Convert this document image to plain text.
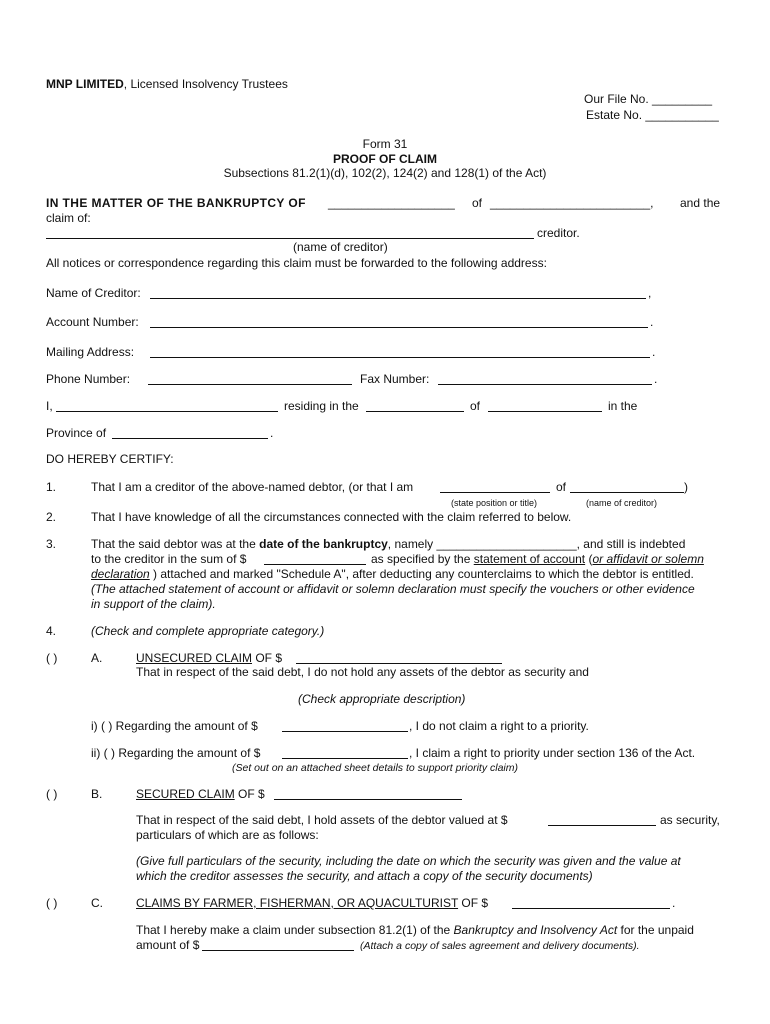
MNP LIMITED, Licensed Insolvency Trustees
Our File No. _________
Estate No. ___________
Form 31
PROOF OF CLAIM
Subsections 81.2(1)(d), 102(2), 124(2) and 128(1) of the Act)
IN THE MATTER OF THE BANKRUPTCY OF ___________________ of ________________________, and the
claim of:
creditor.
(name of creditor)
All notices or correspondence regarding this claim must be forwarded to the following address:
Name of Creditor:	,
Account Number:	.
Mailing Address:	.
Phone Number:	Fax Number:	.
I,	residing in the	of	in the
Province of	.
DO HEREBY CERTIFY:
1.	That I am a creditor of the above-named debtor, (or that I am	of	)
(state position or title)	(name of creditor)
2.	That I have knowledge of all the circumstances connected with the claim referred to below.
3.	That the said debtor was at the date of the bankruptcy, namely _____________________, and still is indebted
to the creditor in the sum of $	as specified by the statement of account (or affidavit or solemn
declaration ) attached and marked "Schedule A", after deducting any counterclaims to which the debtor is entitled.
(The attached statement of account or affidavit or solemn declaration must specify the vouchers or other evidence
in support of the claim).
4.	(Check and complete appropriate category.)
( )	A.	UNSECURED CLAIM OF $
That in respect of the said debt, I do not hold any assets of the debtor as security and
(Check appropriate description)
i) ( ) Regarding the amount of $	, I do not claim a right to a priority.
ii) ( ) Regarding the amount of $	, I claim a right to priority under section 136 of the Act.
(Set out on an attached sheet details to support priority claim)
( )	B.	SECURED CLAIM OF $
That in respect of the said debt, I hold assets of the debtor valued at $	as security,
particulars of which are as follows:
(Give full particulars of the security, including the date on which the security was given and the value at
which the creditor assesses the security, and attach a copy of the security documents)
( )	C.	CLAIMS BY FARMER, FISHERMAN, OR AQUACULTURIST OF $	.
That I hereby make a claim under subsection 81.2(1) of the Bankruptcy and Insolvency Act for the unpaid
amount of $	(Attach a copy of sales agreement and delivery documents).
